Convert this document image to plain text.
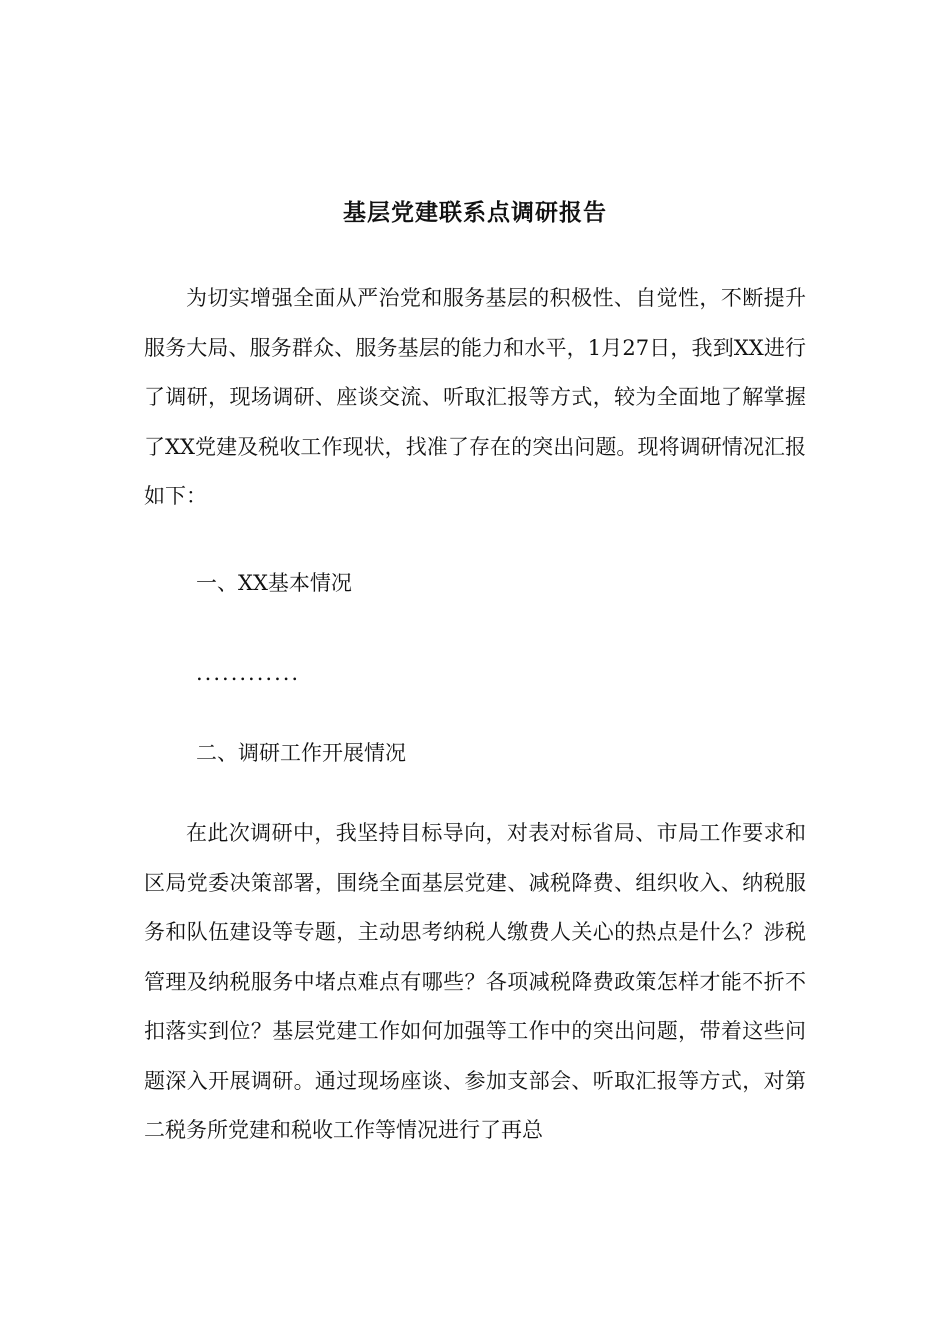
基层党建联系点调研报告

为切实增强全面从严治党和服务基层的积极性、自觉性，不断提升服务大局、服务群众、服务基层的能力和水平，1月27日，我到XX进行了调研，现场调研、座谈交流、听取汇报等方式，较为全面地了解掌握了XX党建及税收工作现状，找准了存在的突出问题。现将调研情况汇报如下：

一、XX基本情况

............

二、调研工作开展情况

在此次调研中，我坚持目标导向，对表对标省局、市局工作要求和区局党委决策部署，围绕全面基层党建、减税降费、组织收入、纳税服务和队伍建设等专题，主动思考纳税人缴费人关心的热点是什么？涉税管理及纳税服务中堵点难点有哪些？各项减税降费政策怎样才能不折不扣落实到位？基层党建工作如何加强等工作中的突出问题，带着这些问题深入开展调研。通过现场座谈、参加支部会、听取汇报等方式，对第二税务所党建和税收工作等情况进行了再总
